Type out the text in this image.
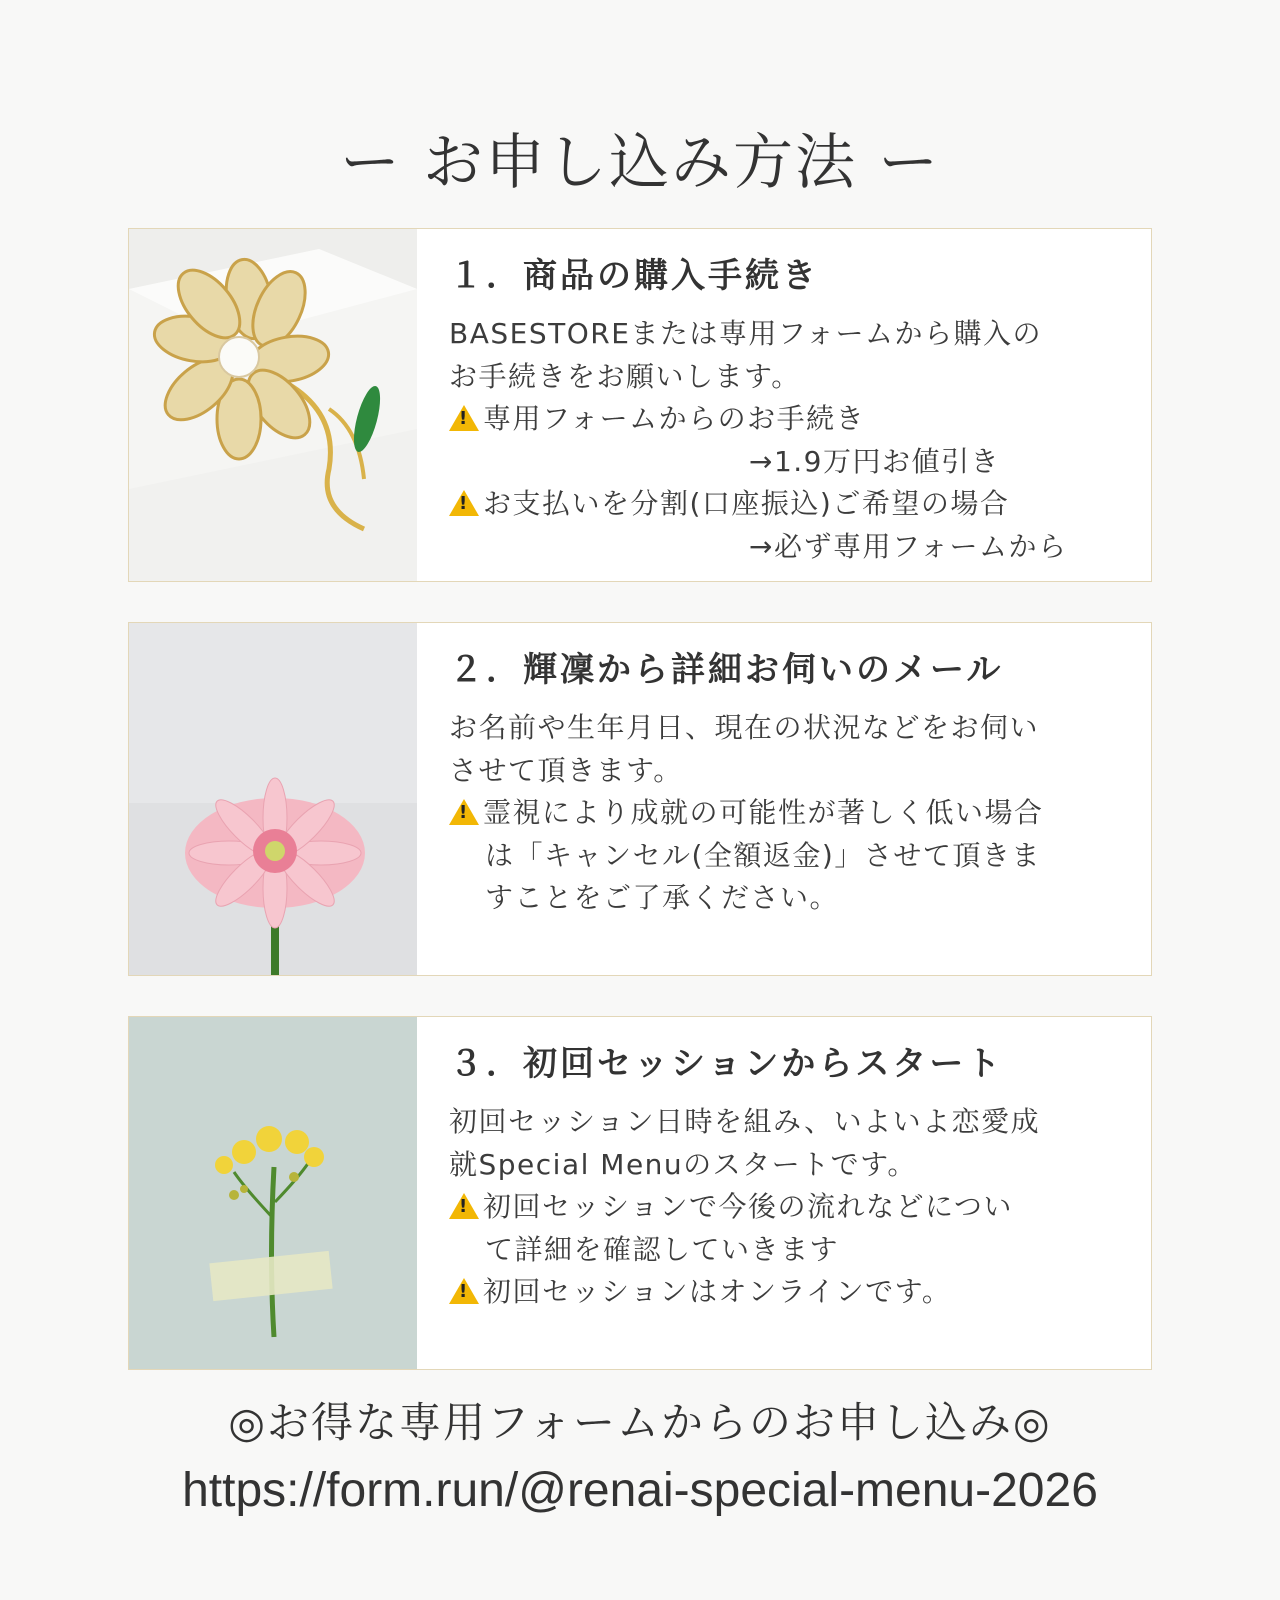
ー お申し込み方法 ー
１．商品の購入手続き
BASESTOREまたは専用フォームから購入の
お手続きをお願いします。
!専用フォームからのお手続き
→1.9万円お値引き
!お支払いを分割(口座振込)ご希望の場合
→必ず専用フォームから
２．輝凜から詳細お伺いのメール
お名前や生年月日、現在の状況などをお伺い
させて頂きます。
!霊視により成就の可能性が著しく低い場合
は「キャンセル(全額返金)」させて頂きま
すことをご了承ください。
３．初回セッションからスタート
初回セッション日時を組み、いよいよ恋愛成
就Special Menuのスタートです。
!初回セッションで今後の流れなどについ
て詳細を確認していきます
!初回セッションはオンラインです。
◎お得な専用フォームからのお申し込み◎
https://form.run/@renai-special-menu-2026
